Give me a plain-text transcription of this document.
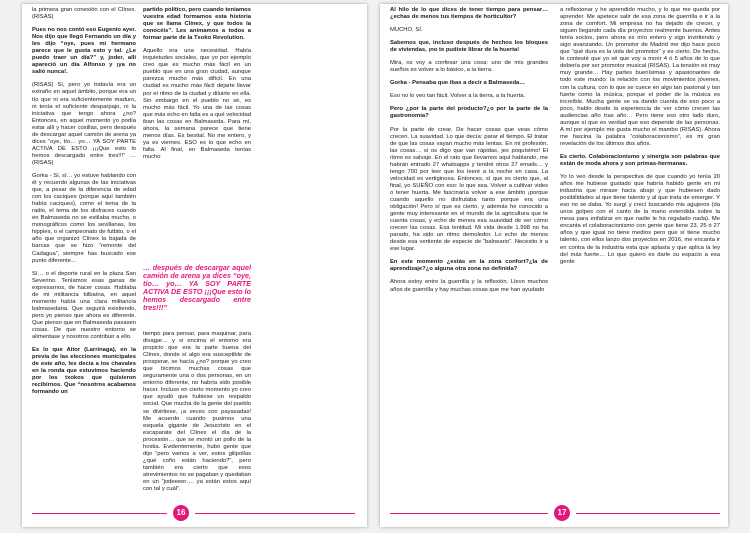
la primera gran conexión con el Clínex. (RISAS)

Pues no nos contó eso Eugenio ayer. Nos dijo que llegó Fernando un día y les dijo “oye, pues mi hermano parece que le gusta esto y tal. ¿Le puedo traer un día?” y, joder, allí apareció un día Alfonso y ¡ya no salió nunca!.

(RISAS) Sí, pero yo todavía era un extraño en aquel ámbito, porque era un tío que ni era suficientemente maduro, ni tenía el suficiente desparpajo, ni la iniciativa que tengo ahora ¿no? Entonces, en aquel momento yo podía estar allí y hacer cosillas, pero después de descargar aquel camión de arena ya dices “oye, tío… yo… YA SOY PARTE ACTIVA DE ESTO ¡¡¡Que esto lo hemos descargado entre tres!!!” … (RISAS)

Gorka - Sí, sí… yo estuve hablando con él y recuerdo algunas de las iniciativas que, a pesar de la diferencia de edad con los caciques (porque aquí también había caciques), como el tema de la radio, el tema de los disfraces cuando en Balmaseda no se estilaba mucho, o monográficos como los sevillanas, los hippies, o el campeonato de futbito, o el año que organizó Clínex la bajada de barcas que se hizo “remonte del Cadagua”, siempre has buscado ese punto diferente…

Sí… o el deporte rural en la plaza San Severino. Teníamos esas ganas de expresarnos, de hacer cosas. Hablaba de mi militancia bilbaína, en aquel momento había una clara militancia balmasedana. Que seguirá existiendo, pero yo pienso que ahora es diferente. Que pienso que en Balmaseda pasasen cosas. De que nuestro entorno se alimentase y nosotros contribuir a ello.

Es lo que Aitor (Larrinaga), en la previa de las elecciones municipales de este año, les decía a los chavales en la ronda que estuvimos haciendo por los txokos que quisieron recibirnos. Que “nosotros acabamos formando un

partido político, pero cuando teníamos vuestra edad formamos esta historia que se llama Clínex, y que todos la conocéis”. Les animamos a todos a formar parte de la Txoko Revolution.

Aquello era una necesidad. Había inquietudes sociales, que yo por ejemplo creo que es mucho más fácil en un pueblo que en una gran ciudad, aunque parezca mucho más difícil. En una ciudad es mucho más fácil dejarte llevar por el ritmo de la ciudad y diluirte en ella. Sin embargo en el pueblo no sé, es mucho más fácil. Yo una de las cosas que más echo en falta es a qué velocidad iban las cosas en Balmaseda. Para mí, ahora, la semana parece que tiene menos días. Es bestial. No me entero, y ya es viernes. ESO es lo que echo en falta. Al final, en Balmaseda tenías mucho

… después de descargar aquel camión de arena ya dices “oye, tío… yo… YA SOY PARTE ACTIVA DE ESTO ¡¡¡Que esto lo hemos descargado entre tres!!!”

tiempo para pensar, para maquinar, para divagar… y si encima el entorno era propicio que era la parte buena del Clínex, donde sí algo era susceptible de prosperar, se hacía ¿no? porque yo creo que hicimos muchas cosas que seguramente una o dos personas, en un entorno diferente, no habría sido posible hacer. Incluso en cierto momento yo creo que ayudó que hubiese un respaldo social. Que mucha de la gente del pueblo se divirtiese, ¡a veces con payasadas! Me acuerdo cuando pusimos una esquela gigante de Jesucristo en el escaparate del Clínex el día de la procesión… que se montó un pollo de la hostia. Evidentemente, hubo gente que dijo “pero vamos a ver, estos gilipollas ¿qué coño están haciendo?”, pero también era cierto que esos atrevimientos no se pagaban y quedaban en un “jodeeeer…. ya están estos aquí con tal y cuál”.

16

Al hilo de lo que dices de tener tiempo para pensar… ¿echas de menos tus tiempos de horticultor?

MUCHO. SÍ.

Sabemos que, incluso después de hechos los bloques de viviendas, ¡no te pudiste librar de la huerta!

Mira, os voy a confesar una cosa: uno de mis grandes sueños es volver a lo básico, a la tierra.

Gorka - Pensaba que ibas a decir a Balmaseda…

Eso no lo veo tan fácil. Volver a la tierra, a la huerta.

Pero ¿por la parte del producto?¿o por la parte de la gastronomía?

Por la parte de crear. De hacer cosas que veas cómo crecen. La suavidad. Lo que decía: parar el tiempo. El tratar de que las cosas vayan mucho más lentas. En mi profesión, las cosas… si os digo que van rápidas, jes poquísimo! El ritmo es salvaje. En el rato que llevamos aquí hablando, me habrán entrado 27 whatsapps y tendré otros 27 emails… y tengo 700 por leer que los leeré a la noche en casa. La velocidad es vertiginosa. Entonces, sí que es cierto que, al final, yo SUEÑO con eso: lo que sea. Volver a cultivar vides o tener huerta. Me fascinaría volver a ese ámbito ¡porque cuando aquello no disfrutaba tanto porque era una obligación! Pero sí que es cierto, y además he conocido a gente muy interesante en el mundo de la agricultura que te cuenta cosas, y echo de menos esa suavidad de ver cómo crecen las cosas. Esa lentitud. Mi vida desde 1.998 no ha parado, ha sido un ritmo demoledor. Lo echo de menos desde esa vertiente de especie de “balneario”. Necesito ir a ese lugar.

En este momento ¿estás en la zona confort?¿la de aprendizaje?¿o alguna otra zona no definida?

Ahora estoy entre la guerrilla y la reflexión. Llevo muchos años de guerrilla y hay muchas cosas que me han ayudado

a reflexionar y he aprendido mucho, y lo que me queda por aprender. Me apetece salir de esa zona de guerrilla e ir a la zona de comfort. Mi empresa no ha dejado de crecer, y siguen llegando cada día proyectos realmente buenos. Antes tenía socios, pero ahora es mío entero y sigo invirtiendo y sigo avanzando. Un promotor de Madrid me dijo hace poco que “qué dura es la vida del promotor” y es cierto. De hecho, le contesté que yo sé que voy a morir 4 ó 5 años de lo que debería por ser promotor musical (RISAS). La tensión es muy muy grande… Hay partes buenísimas y apasionantes de todo este mundo: la relación con los movimientos jóvenes, con la cultura, con lo que se cuece en algo tan pasional y tan fuerte como la música, porque el poder de la música es increíble. Mucha gente se va dando cuenta de eso poco a poco, hablo desde la experiencia de ver cómo crecen las audiencias año tras año… Pero tiene eso otro lado duro, aunque sí que es verdad que eso depende de las personas. A mí por ejemplo me gusta mucho el mambo (RISAS). Ahora me fascina la palabra “colaboracionismo”, es mi gran revelación de los últimos dos años.

Es cierto. Colaboracionismo y sinergia son palabras que están de moda ahora y son primas-hermanas.

Yo lo veo desde la perspectiva de que cuando yo tenía 20 años me hubiese gustado que habría habido gente en mi industria que mirase hacia abajo y que hubiesen dado posibilidades al que tiene talento y al que trata de emerger. Y eso no se daba. Yo surgí y crecí buscando mis agujeros (da unos golpes con el canto de la mano extendida sobre la mesa para enfatizar en que nadie le ha regalado nada). Me encanta el colaboracionismo con gente que tiene 23, 25 ó 27 años y que igual no tiene medios pero que sí tiene mucho talento, con ellos lanzo dos proyectos en 2016, me encanta ir en contra de la industria esta que aplasta y que aplica la ley del más fuerte… Lo que quiero es darle su espacio a esa gente

17
